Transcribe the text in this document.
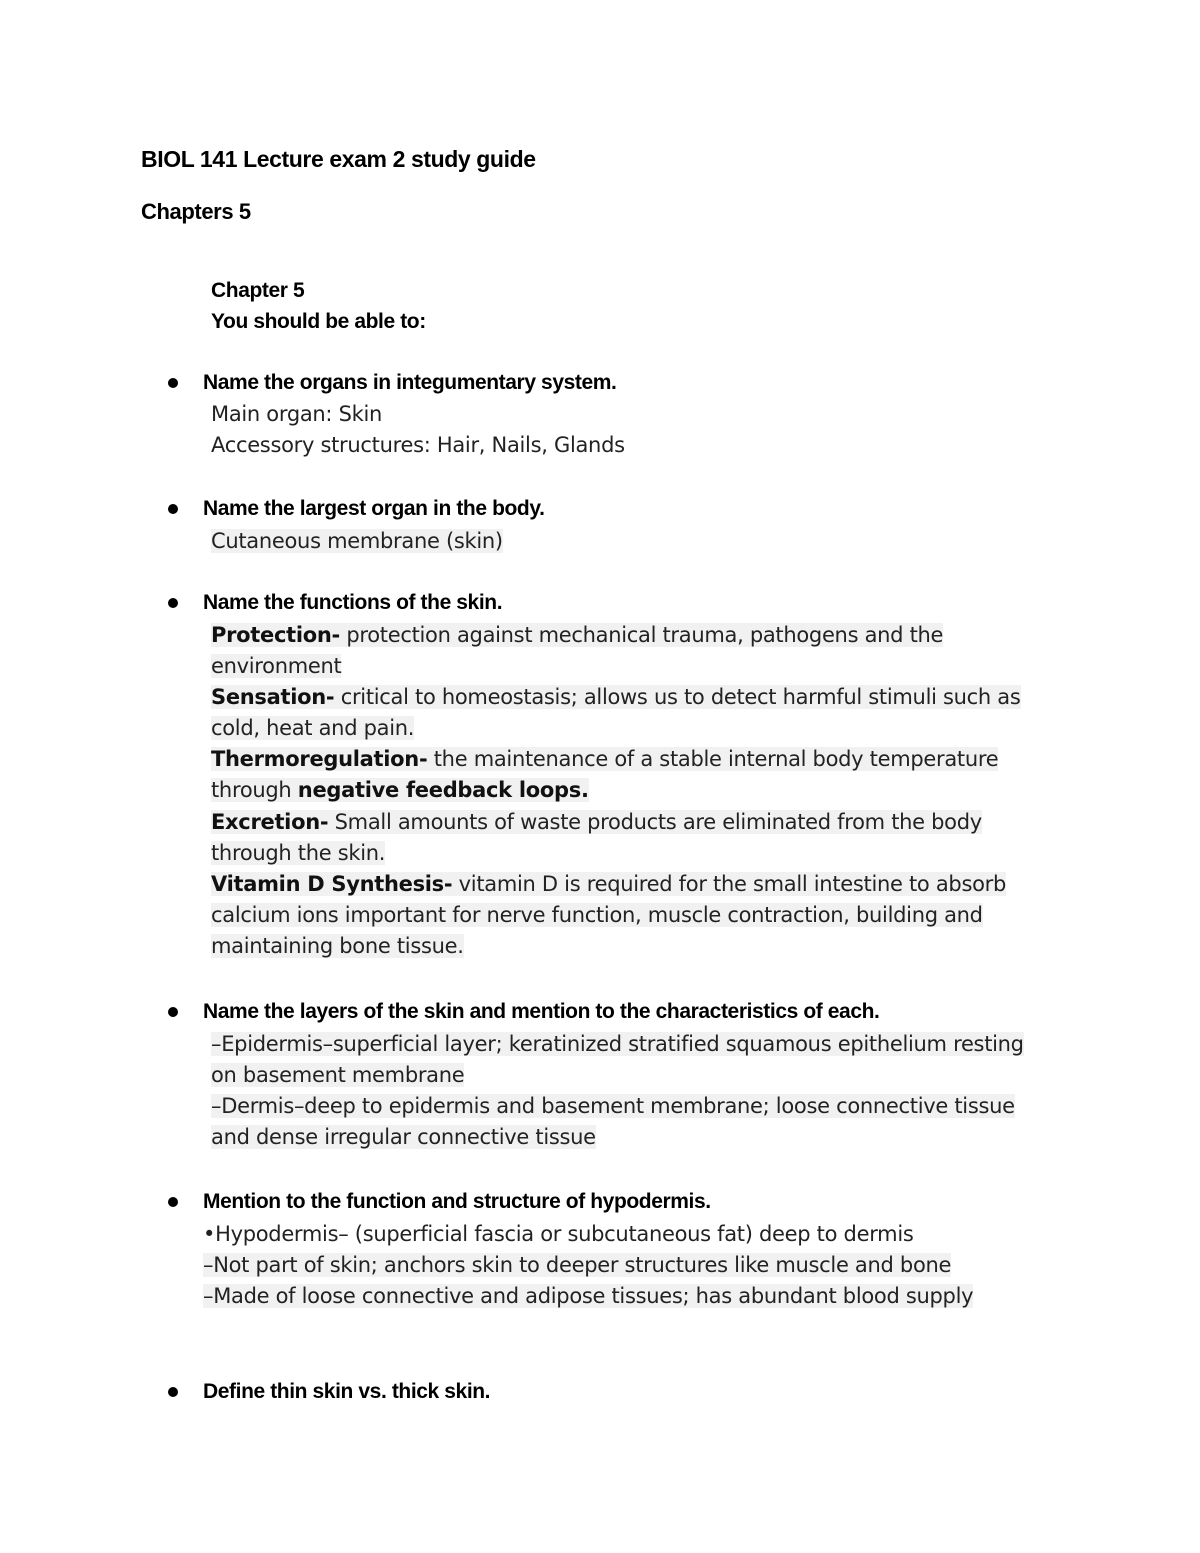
BIOL 141 Lecture exam 2 study guide
Chapters 5
Chapter 5
You should be able to:
Name the organs in integumentary system.
Main organ: Skin
Accessory structures: Hair, Nails, Glands
Name the largest organ in the body.
Cutaneous membrane (skin)
Name the functions of the skin.
Protection- protection against mechanical trauma, pathogens and the
environment
Sensation- critical to homeostasis; allows us to detect harmful stimuli such as
cold, heat and pain.
Thermoregulation- the maintenance of a stable internal body temperature
through negative feedback loops.
Excretion- Small amounts of waste products are eliminated from the body
through the skin.
Vitamin D Synthesis- vitamin D is required for the small intestine to absorb
calcium ions important for nerve function, muscle contraction, building and
maintaining bone tissue.
Name the layers of the skin and mention to the characteristics of each.
–Epidermis–superficial layer; keratinized stratified squamous epithelium resting
on basement membrane
–Dermis–deep to epidermis and basement membrane; loose connective tissue
and dense irregular connective tissue
Mention to the function and structure of hypodermis.
•Hypodermis– (superficial fascia or subcutaneous fat) deep to dermis
–Not part of skin; anchors skin to deeper structures like muscle and bone
–Made of loose connective and adipose tissues; has abundant blood supply
Define thin skin vs. thick skin.
